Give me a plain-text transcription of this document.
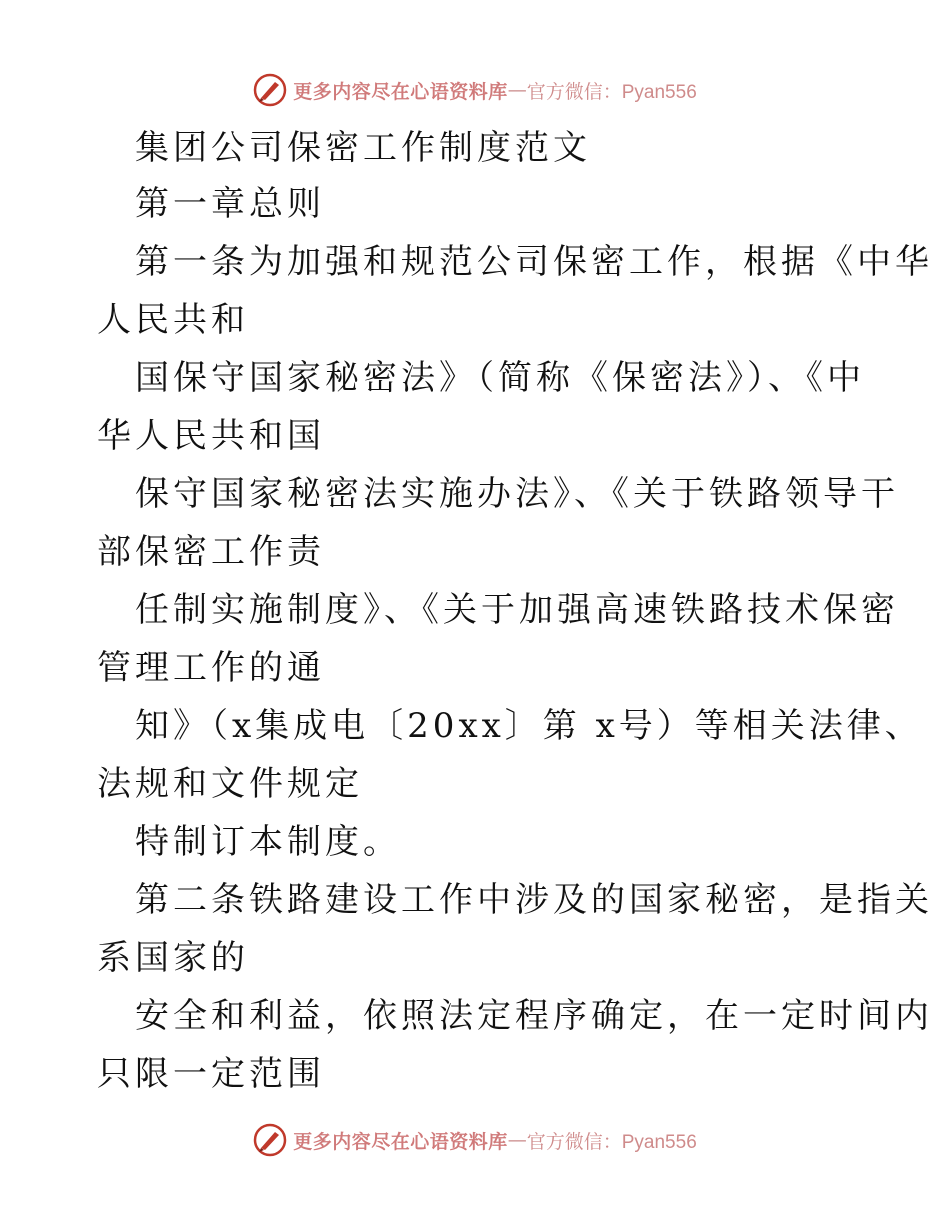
更多内容尽在心语资料库 — 官方微信：Pyan556
集团公司保密工作制度范文
第一章总则
第一条为加强和规范公司保密工作，根据《中华
人民共和
国保守国家秘密法》（简称《保密法》）、《中
华人民共和国
保守国家秘密法实施办法》、《关于铁路领导干
部保密工作责
任制实施制度》、《关于加强高速铁路技术保密
管理工作的通
知》（x集成电〔20xx〕第 x号）等相关法律、
法规和文件规定
特制订本制度。
第二条铁路建设工作中涉及的国家秘密，是指关
系国家的
安全和利益，依照法定程序确定，在一定时间内
只限一定范围
更多内容尽在心语资料库 — 官方微信：Pyan556
